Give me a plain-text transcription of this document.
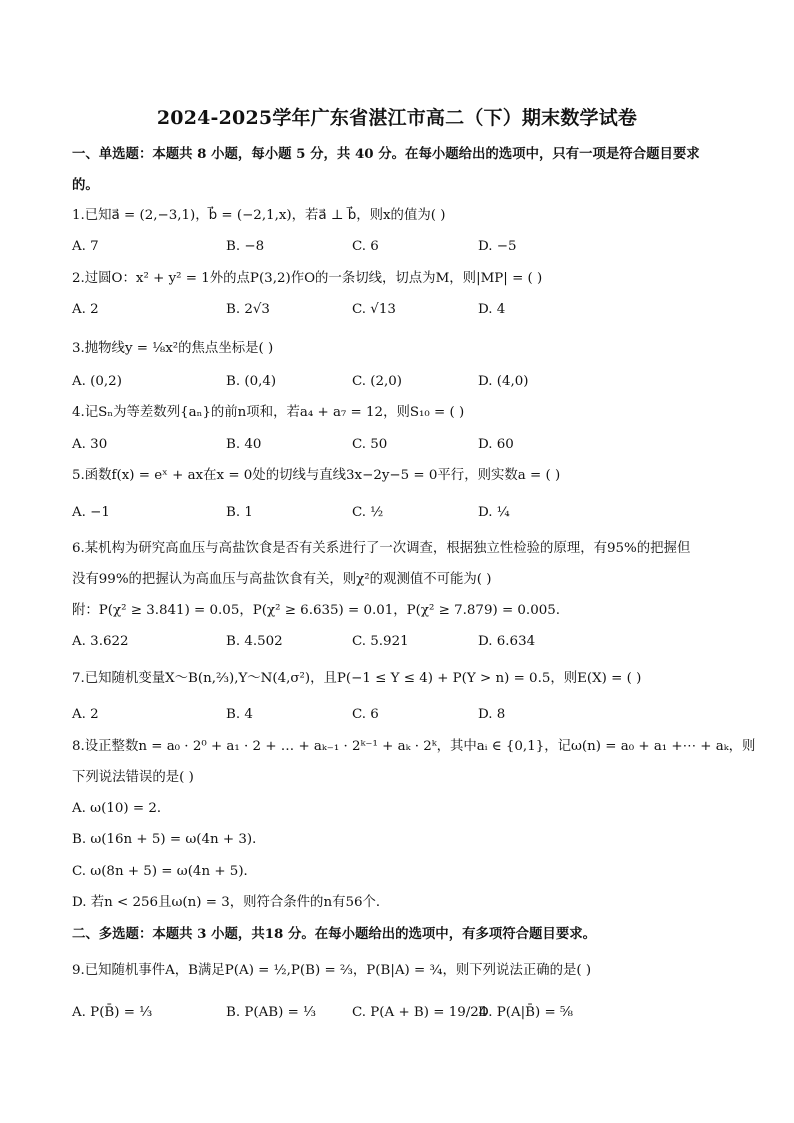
2024-2025学年广东省湛江市高二（下）期末数学试卷
一、单选题：本题共 8 小题，每小题 5 分，共 40 分。在每小题给出的选项中，只有一项是符合题目要求
的。
1.已知a⃗ = (2,−3,1)，b⃗ = (−2,1,x)，若a⃗ ⊥ b⃗，则x的值为( )
A. 7	B. −8	C. 6	D. −5
2.过圆O：x² + y² = 1外的点P(3,2)作O的一条切线，切点为M，则|MP| = ( )
A. 2	B. 2√3	C. √13	D. 4
3.抛物线y = ⅛x²的焦点坐标是( )
A. (0,2)	B. (0,4)	C. (2,0)	D. (4,0)
4.记Sₙ为等差数列{aₙ}的前n项和，若a₄ + a₇ = 12，则S₁₀ = ( )
A. 30	B. 40	C. 50	D. 60
5.函数f(x) = eˣ + ax在x = 0处的切线与直线3x−2y−5 = 0平行，则实数a = ( )
A. −1	B. 1	C. ½	D. ¼
6.某机构为研究高血压与高盐饮食是否有关系进行了一次调查，根据独立性检验的原理，有95%的把握但
没有99%的把握认为高血压与高盐饮食有关，则χ²的观测值不可能为( )
附：P(χ² ≥ 3.841) = 0.05，P(χ² ≥ 6.635) = 0.01，P(χ² ≥ 7.879) = 0.005.
A. 3.622	B. 4.502	C. 5.921	D. 6.634
7.已知随机变量X～B(n,⅔),Y～N(4,σ²)，且P(−1 ≤ Y ≤ 4) + P(Y > n) = 0.5，则E(X) = ( )
A. 2	B. 4	C. 6	D. 8
8.设正整数n = a₀ · 2⁰ + a₁ · 2 + … + aₖ₋₁ · 2ᵏ⁻¹ + aₖ · 2ᵏ，其中aᵢ ∈ {0,1}，记ω(n) = a₀ + a₁ +⋯ + aₖ，则
下列说法错误的是( )
A. ω(10) = 2．
B. ω(16n + 5) = ω(4n + 3)．
C. ω(8n + 5) = ω(4n + 5)．
D. 若n < 256且ω(n) = 3，则符合条件的n有56个．
二、多选题：本题共 3 小题，共18 分。在每小题给出的选项中，有多项符合题目要求。
9.已知随机事件A，B满足P(A) = ½,P(B) = ⅔，P(B|A) = ¾，则下列说法正确的是( )
A. P(B̄) = ⅓	B. P(AB) = ⅓	C. P(A + B) = 19/24
D. P(A|B̄) = ⅝
